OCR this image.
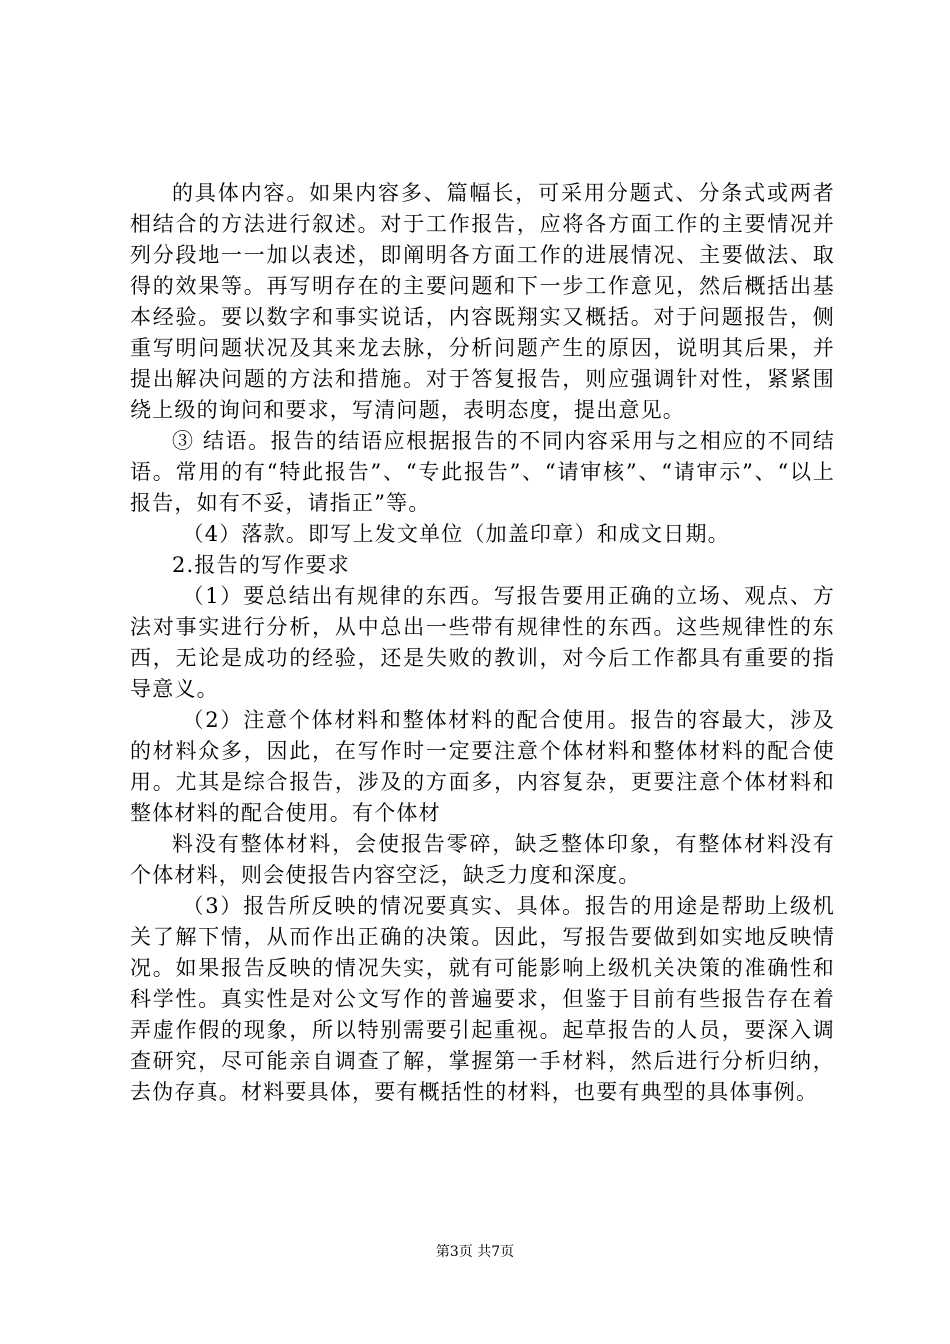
的具体内容。如果内容多、篇幅长，可采用分题式、分条式或两者相结合的方法进行叙述。对于工作报告，应将各方面工作的主要情况并列分段地一一加以表述，即阐明各方面工作的进展情况、主要做法、取得的效果等。再写明存在的主要问题和下一步工作意见，然后概括出基本经验。要以数字和事实说话，内容既翔实又概括。对于问题报告，侧重写明问题状况及其来龙去脉，分析问题产生的原因，说明其后果，并提出解决问题的方法和措施。对于答复报告，则应强调针对性，紧紧围绕上级的询问和要求，写清问题，表明态度，提出意见。

③ 结语。报告的结语应根据报告的不同内容采用与之相应的不同结语。常用的有“特此报告”、“专此报告”、“请审核”、“请审示”、“以上报告，如有不妥，请指正”等。

（4）落款。即写上发文单位（加盖印章）和成文日期。

2.报告的写作要求

（1）要总结出有规律的东西。写报告要用正确的立场、观点、方法对事实进行分析，从中总出一些带有规律性的东西。这些规律性的东西，无论是成功的经验，还是失败的教训，对今后工作都具有重要的指导意义。

（2）注意个体材料和整体材料的配合使用。报告的容最大，涉及的材料众多，因此，在写作时一定要注意个体材料和整体材料的配合使用。尤其是综合报告，涉及的方面多，内容复杂，更要注意个体材料和整体材料的配合使用。有个体材

料没有整体材料，会使报告零碎，缺乏整体印象，有整体材料没有个体材料，则会使报告内容空泛，缺乏力度和深度。

（3）报告所反映的情况要真实、具体。报告的用途是帮助上级机关了解下情，从而作出正确的决策。因此，写报告要做到如实地反映情况。如果报告反映的情况失实，就有可能影响上级机关决策的准确性和科学性。真实性是对公文写作的普遍要求，但鉴于目前有些报告存在着弄虚作假的现象，所以特别需要引起重视。起草报告的人员，要深入调查研究，尽可能亲自调查了解，掌握第一手材料，然后进行分析归纳，去伪存真。材料要具体，要有概括性的材料，也要有典型的具体事例。

第3页 共7页
